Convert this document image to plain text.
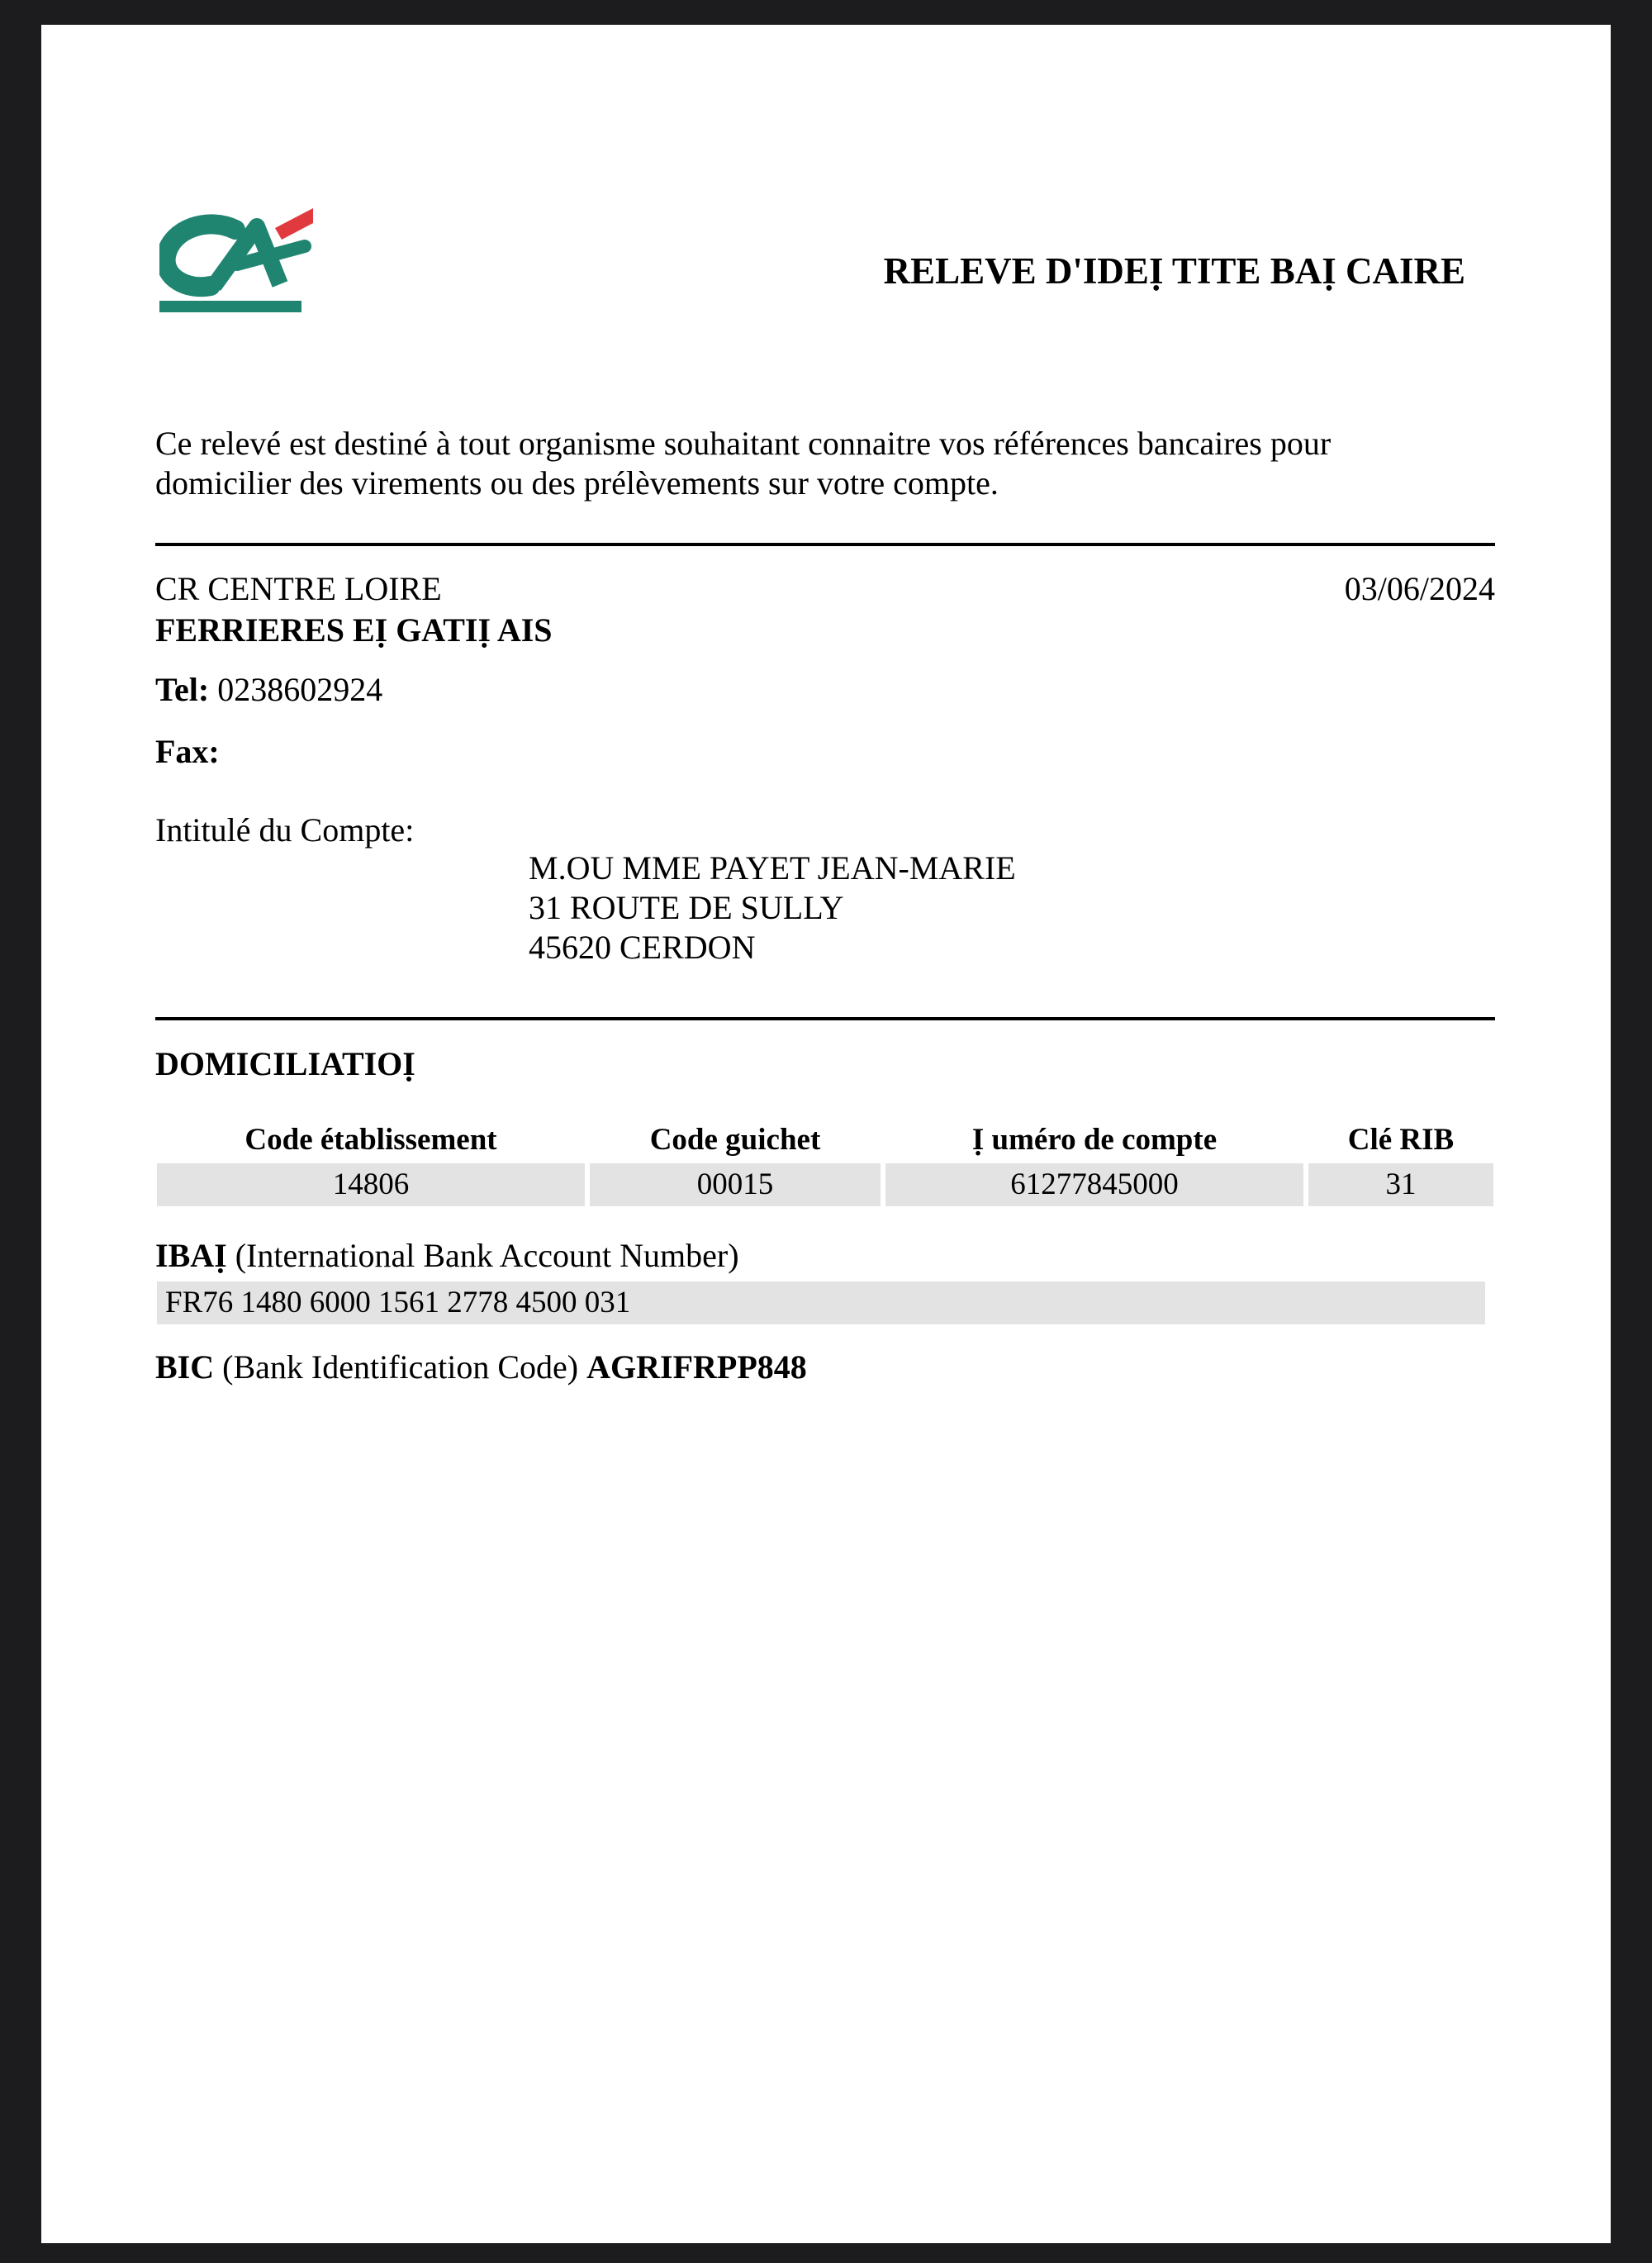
RELEVE D'IDEỊ TITE BAỊ CAIRE
Ce relevé est destiné à tout organisme souhaitant connaitre vos références bancaires pour
domicilier des virements ou des prélèvements sur votre compte.
CR CENTRE LOIRE	03/06/2024
FERRIERES EỊ GATIỊ AIS
Tel: 0238602924
Fax:
Intitulé du Compte:
M.OU MME PAYET JEAN-MARIE
31 ROUTE DE SULLY
45620 CERDON
DOMICILIATIOỊ
Code établissement	Code guichet	Ị uméro de compte	Clé RIB
14806	00015	61277845000	31
IBAỊ (International Bank Account Number)
FR76 1480 6000 1561 2778 4500 031
BIC (Bank Identification Code) AGRIFRPP848
